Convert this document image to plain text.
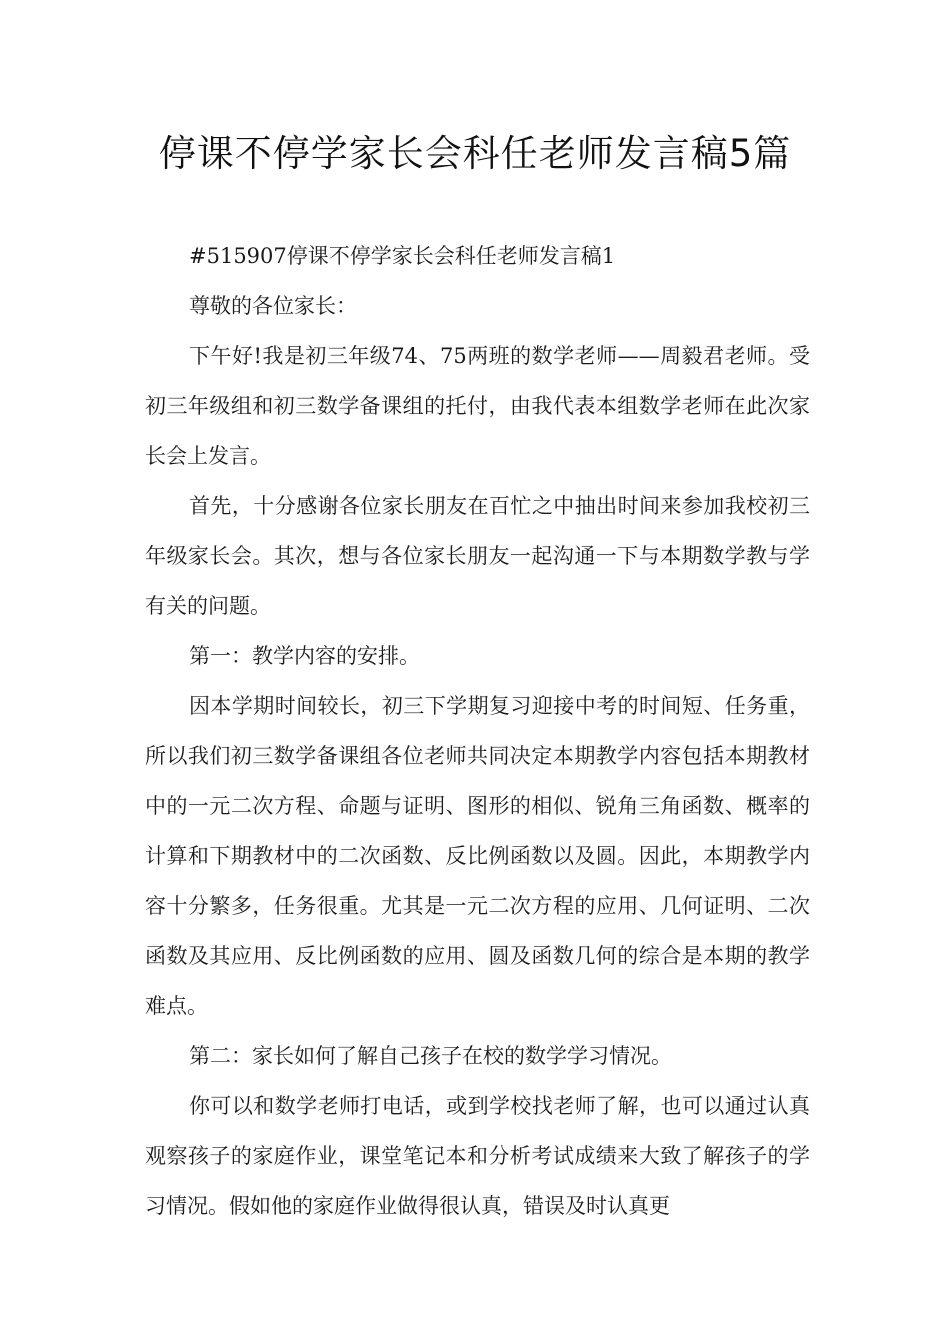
停课不停学家长会科任老师发言稿5篇

#515907停课不停学家长会科任老师发言稿1

尊敬的各位家长：

下午好!我是初三年级74、75两班的数学老师——周毅君老师。受初三年级组和初三数学备课组的托付，由我代表本组数学老师在此次家长会上发言。

首先，十分感谢各位家长朋友在百忙之中抽出时间来参加我校初三年级家长会。其次，想与各位家长朋友一起沟通一下与本期数学教与学有关的问题。

第一：教学内容的安排。

因本学期时间较长，初三下学期复习迎接中考的时间短、任务重，所以我们初三数学备课组各位老师共同决定本期教学内容包括本期教材中的一元二次方程、命题与证明、图形的相似、锐角三角函数、概率的计算和下期教材中的二次函数、反比例函数以及圆。因此，本期教学内容十分繁多，任务很重。尤其是一元二次方程的应用、几何证明、二次函数及其应用、反比例函数的应用、圆及函数几何的综合是本期的教学难点。

第二：家长如何了解自己孩子在校的数学学习情况。

你可以和数学老师打电话，或到学校找老师了解，也可以通过认真观察孩子的家庭作业，课堂笔记本和分析考试成绩来大致了解孩子的学习情况。假如他的家庭作业做得很认真，错误及时认真更
